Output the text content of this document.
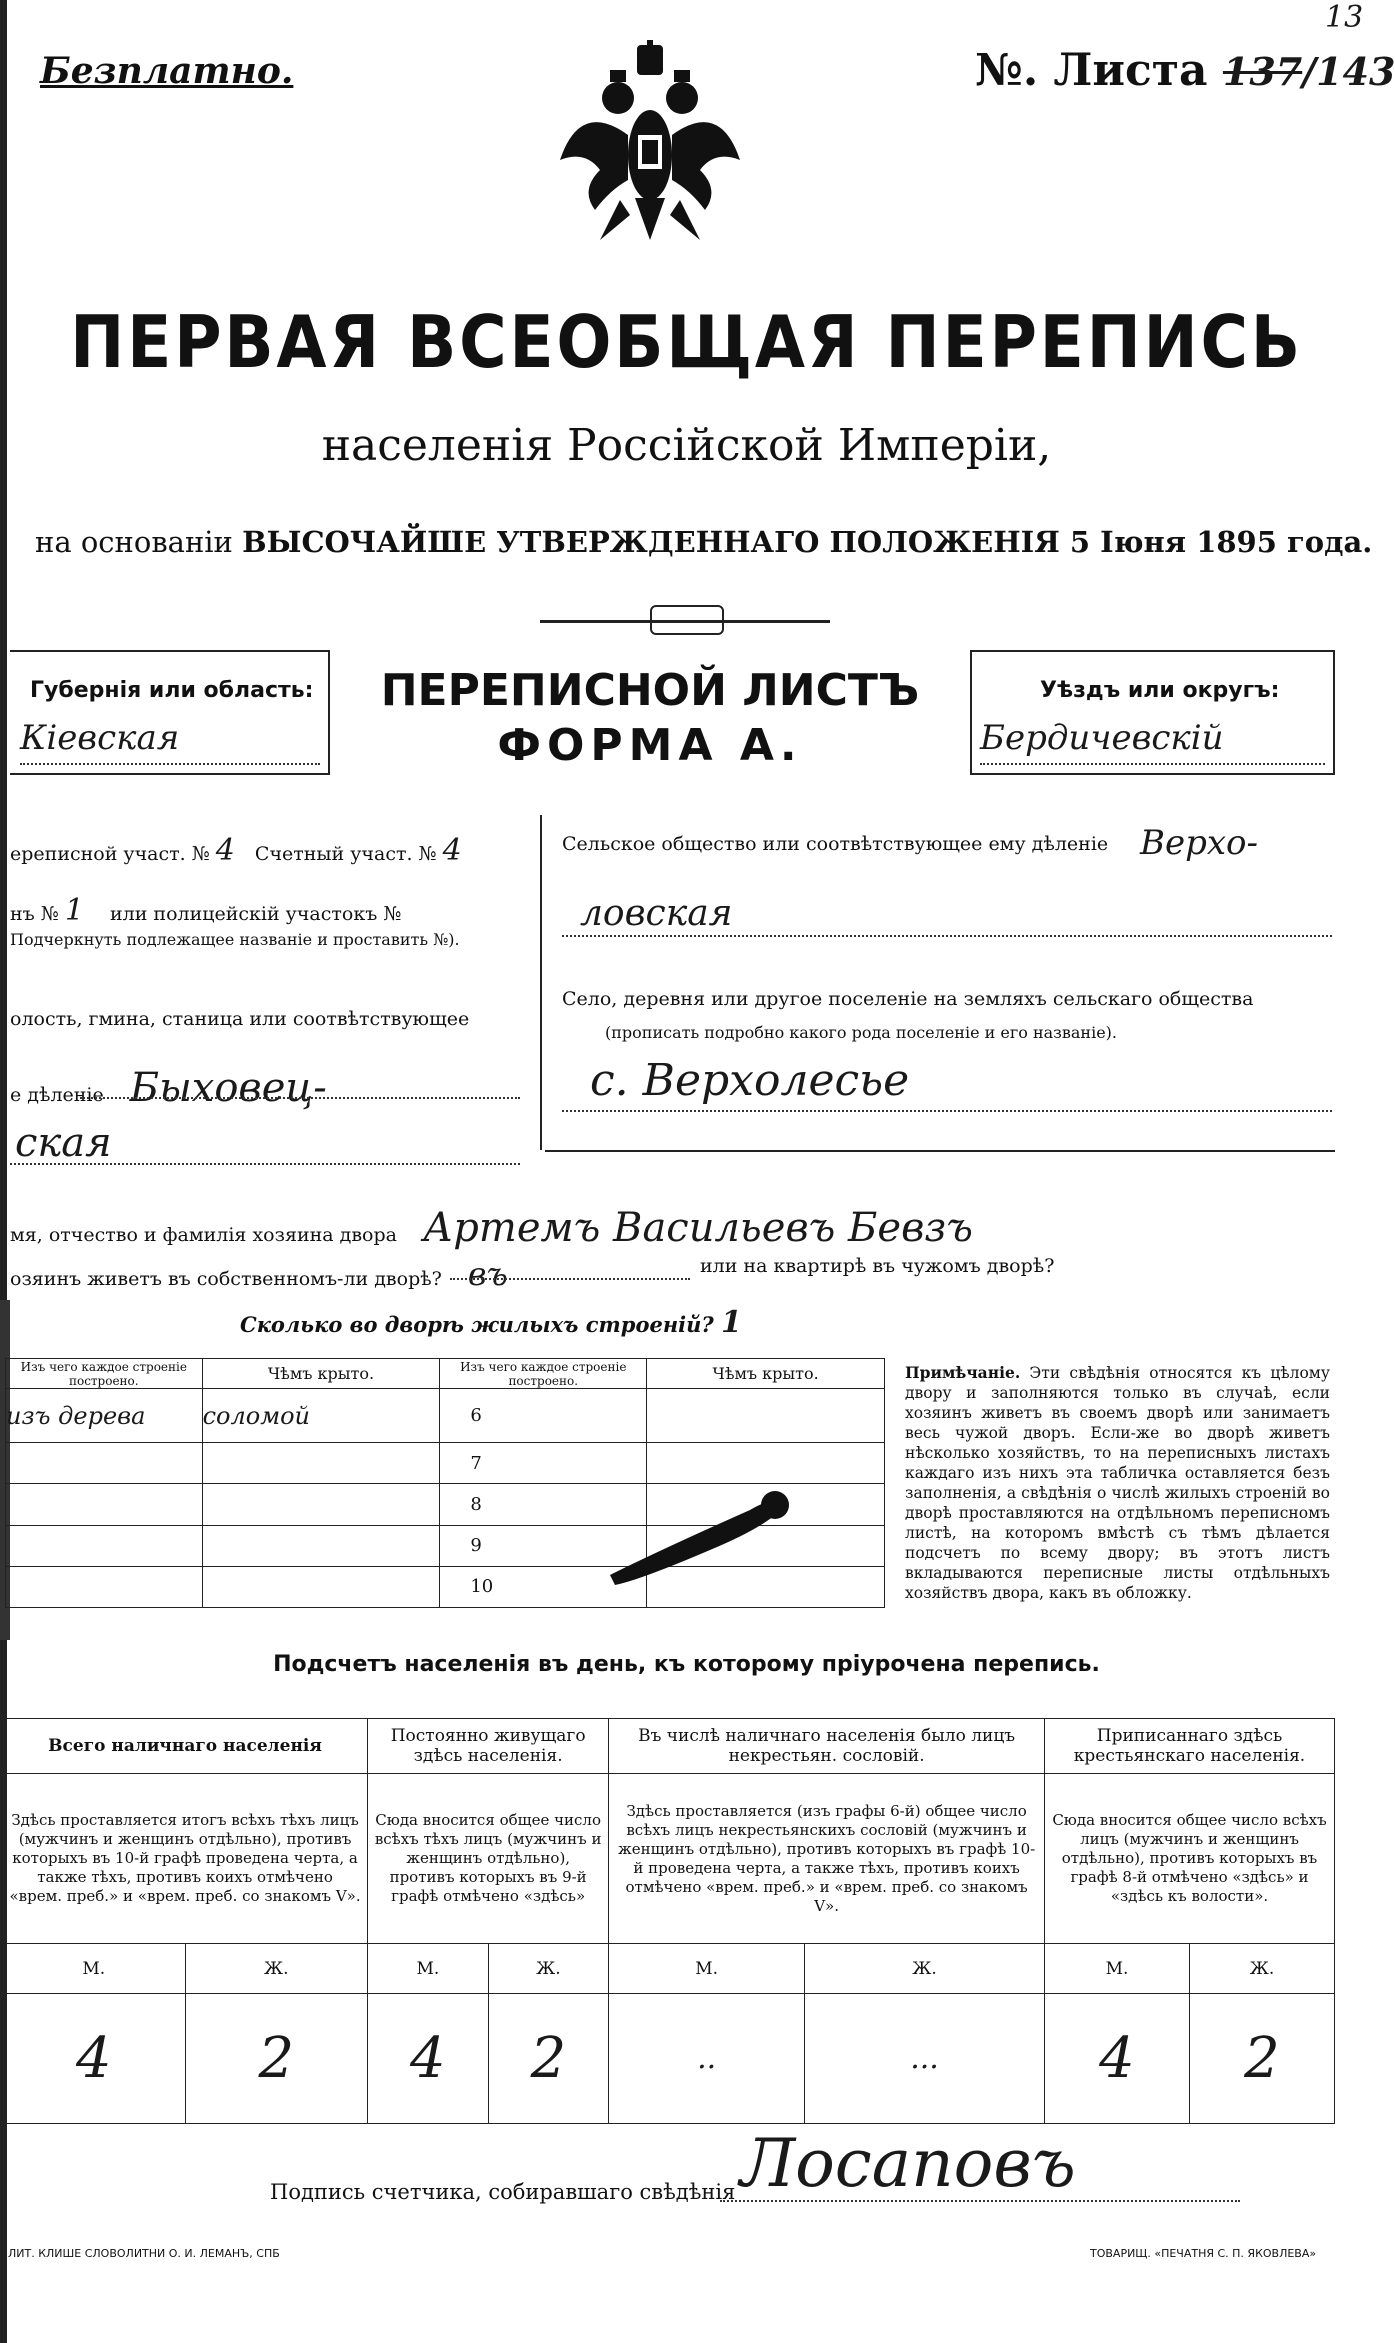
Безплатно.	№. Листа 137/143
13
ПЕРВАЯ ВСЕОБЩАЯ ПЕРЕПИСЬ
населенія Россійской Имперіи,
на основаніи ВЫСОЧАЙШЕ УТВЕРЖДЕННАГО ПОЛОЖЕНІЯ 5 Іюня 1895 года.
Губернія или область:
Кіевская
ПЕРЕПИСНОЙ ЛИСТЪ
ФОРМА А.
Уѣздъ или округъ:
Бердичевскій
ереписной участ. № 4 Счетный участ. № 4
нъ № 1 или полицейскій участокъ №
Подчеркнуть подлежащее названіе и проставить №).
олость, гмина, станица или соотвѣтствующее
е дѣленіе Быховец-
ская
Сельское общество или соотвѣтствующее ему дѣленіе Верхо-
ловская
Село, деревня или другое поселеніе на земляхъ сельскаго общества
(прописать подробно какого рода поселеніе и его названіе).
с. Верхолесье
мя, отчество и фамилія хозяина двора Артемъ Васильевъ Бевзъ
озяинъ живетъ въ собственномъ-ли дворѣ? въ	или на квартирѣ въ чужомъ дворѣ?
Сколько во дворѣ жилыхъ строеній? 1
Изъ чего каждое строеніе построено.	Чѣмъ крыто.	Изъ чего каждое строеніе построено.	Чѣмъ крыто.
изъ дерева	соломой	6	
		7	
		8	
		9	
		10	
Примѣчаніе. Эти свѣдѣнія относятся къ цѣлому двору и заполняются только въ случаѣ, если хозяинъ живетъ въ своемъ дворѣ или занимаетъ весь чужой дворъ. Если-же во дворѣ живетъ нѣсколько хозяйствъ, то на переписныхъ листахъ каждаго изъ нихъ эта табличка оставляется безъ заполненія, а свѣдѣнія о числѣ жилыхъ строеній во дворѣ проставляются на отдѣльномъ переписномъ листѣ, на которомъ вмѣстѣ съ тѣмъ дѣлается подсчетъ по всему двору; въ этотъ листъ вкладываются переписные листы отдѣльныхъ хозяйствъ двора, какъ въ обложку.
Подсчетъ населенія въ день, къ которому пріурочена перепись.
Всего наличнаго населенія		Постоянно живущаго здѣсь населенія.		Въ числѣ наличнаго населенія было лицъ некрестьян. сословій.		Приписаннаго здѣсь крестьянскаго населенія.	
Здѣсь проставляется итогъ всѣхъ тѣхъ лицъ (мужчинъ и женщинъ отдѣльно), противъ которыхъ въ 10-й графѣ проведена черта, а также тѣхъ, противъ коихъ отмѣчено «врем. преб.» и «врем. преб. со знакомъ V».		Сюда вносится общее число всѣхъ тѣхъ лицъ (мужчинъ и женщинъ отдѣльно), противъ которыхъ въ 9-й графѣ отмѣчено «здѣсь»		Здѣсь проставляется (изъ графы 6-й) общее число всѣхъ лицъ некрестьянскихъ сословій (мужчинъ и женщинъ отдѣльно), противъ которыхъ въ графѣ 10-й проведена черта, а также тѣхъ, противъ коихъ отмѣчено «врем. преб.» и «врем. преб. со знакомъ V».		Сюда вносится общее число всѣхъ лицъ (мужчинъ и женщинъ отдѣльно), противъ которыхъ въ графѣ 8-й отмѣчено «здѣсь» и «здѣсь къ волости».	
М.	Ж.	М.	Ж.	М.	Ж.	М.	Ж.
4	2	4	2	..	...	4	2
Подпись счетчика, собиравшаго свѣдѣнія Лосаповъ
ЛИТ. КЛИШЕ СЛОВОЛИТНИ О. И. ЛЕМАНЪ, СПБ	ТОВАРИЩ. «ПЕЧАТНЯ С. П. ЯКОВЛЕВА»
